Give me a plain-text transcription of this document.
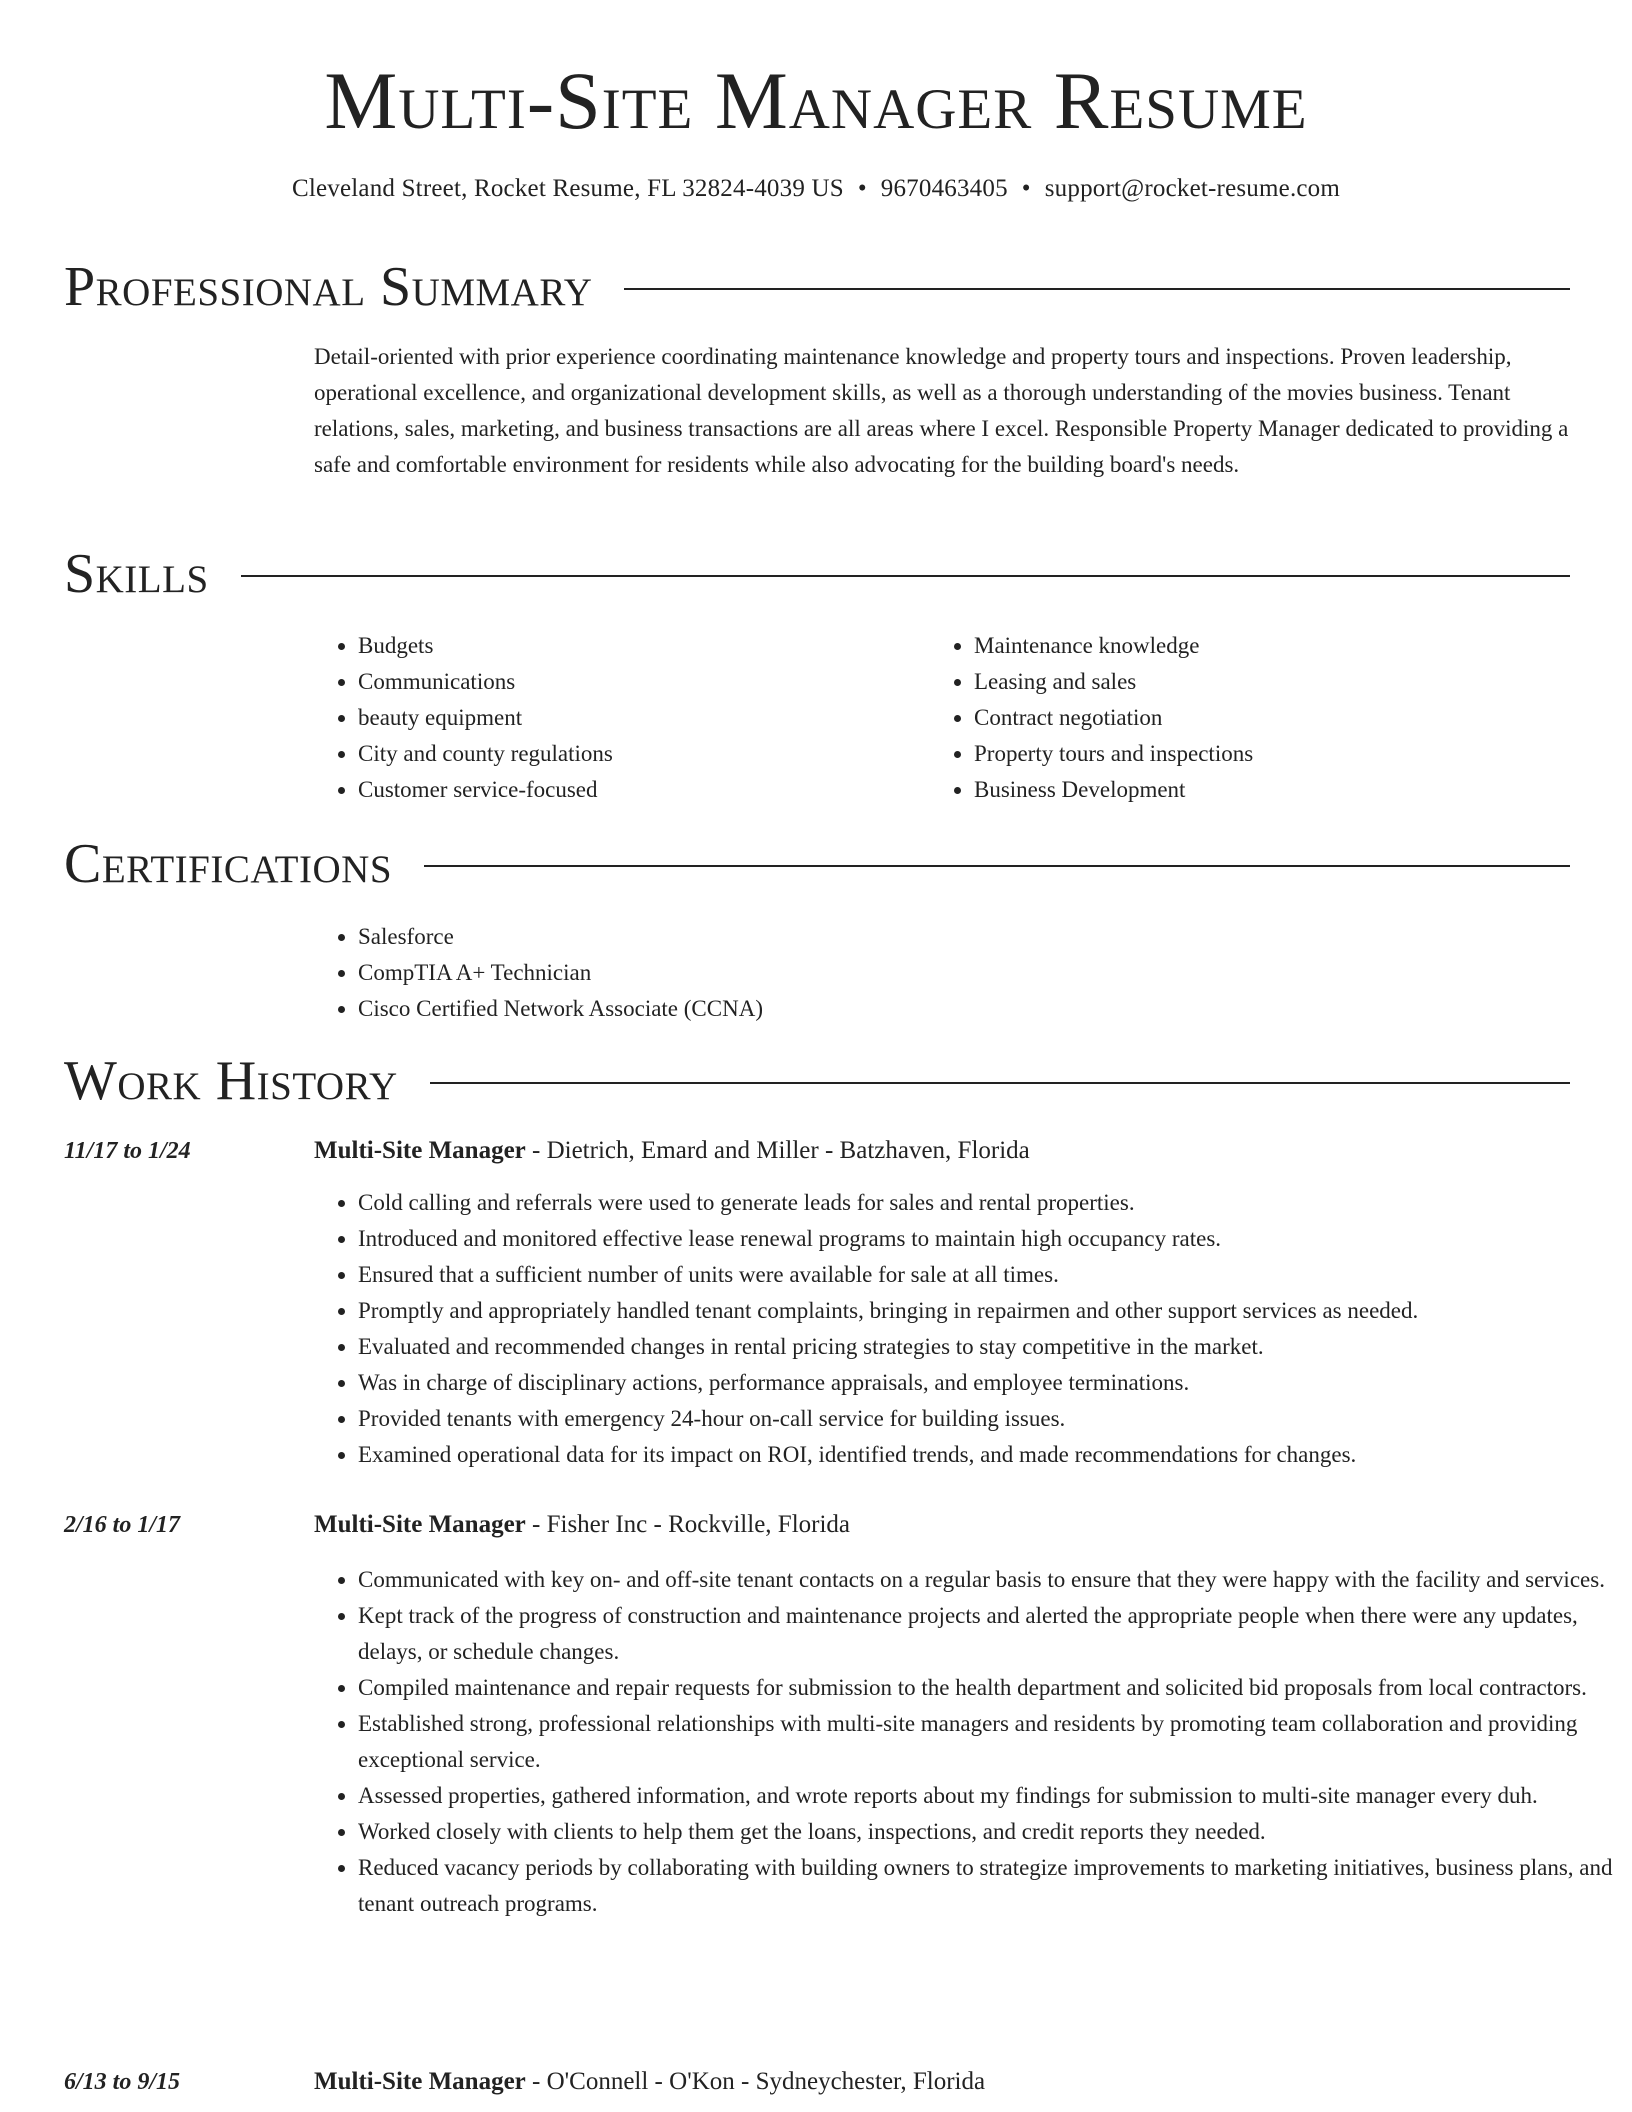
Multi-Site Manager Resume
Cleveland Street, Rocket Resume, FL 32824-4039 US • 9670463405 • support@rocket-resume.com
Professional Summary

Detail-oriented with prior experience coordinating maintenance knowledge and property tours and inspections. Proven leadership, operational excellence, and organizational development skills, as well as a thorough understanding of the movies business. Tenant relations, sales, marketing, and business transactions are all areas where I excel. Responsible Property Manager dedicated to providing a safe and comfortable environment for residents while also advocating for the building board's needs.

Skills
• Budgets
• Communications
• beauty equipment
• City and county regulations
• Customer service-focused
• Maintenance knowledge
• Leasing and sales
• Contract negotiation
• Property tours and inspections
• Business Development
Certifications
• Salesforce
• CompTIA A+ Technician
• Cisco Certified Network Associate (CCNA)
Work History
11/17 to 1/24	Multi-Site Manager - Dietrich, Emard and Miller - Batzhaven, Florida
• Cold calling and referrals were used to generate leads for sales and rental properties.
• Introduced and monitored effective lease renewal programs to maintain high occupancy rates.
• Ensured that a sufficient number of units were available for sale at all times.
• Promptly and appropriately handled tenant complaints, bringing in repairmen and other support services as needed.
• Evaluated and recommended changes in rental pricing strategies to stay competitive in the market.
• Was in charge of disciplinary actions, performance appraisals, and employee terminations.
• Provided tenants with emergency 24-hour on-call service for building issues.
• Examined operational data for its impact on ROI, identified trends, and made recommendations for changes.
2/16 to 1/17	Multi-Site Manager - Fisher Inc - Rockville, Florida
• Communicated with key on- and off-site tenant contacts on a regular basis to ensure that they were happy with the facility and services.
• Kept track of the progress of construction and maintenance projects and alerted the appropriate people when there were any updates, delays, or schedule changes.
• Compiled maintenance and repair requests for submission to the health department and solicited bid proposals from local contractors.
• Established strong, professional relationships with multi-site managers and residents by promoting team collaboration and providing exceptional service.
• Assessed properties, gathered information, and wrote reports about my findings for submission to multi-site manager every duh.
• Worked closely with clients to help them get the loans, inspections, and credit reports they needed.
• Reduced vacancy periods by collaborating with building owners to strategize improvements to marketing initiatives, business plans, and tenant outreach programs.
6/13 to 9/15	Multi-Site Manager - O'Connell - O'Kon - Sydneychester, Florida
